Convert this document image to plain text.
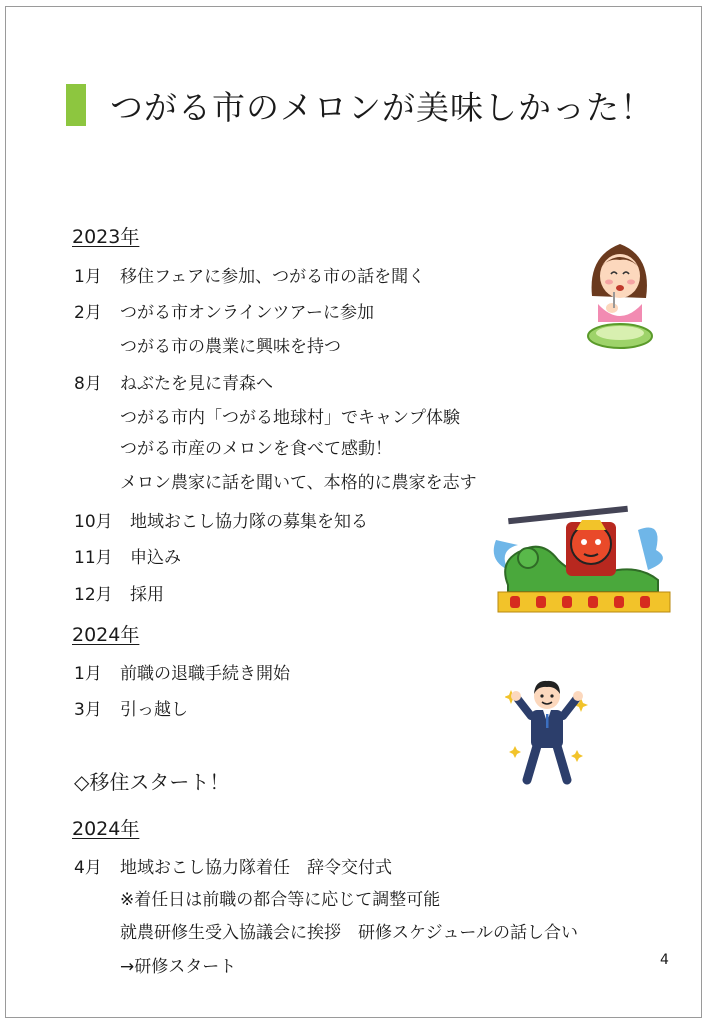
つがる市のメロンが美味しかった！
2023年
1月 移住フェアに参加、つがる市の話を聞く
2月 つがる市オンラインツアーに参加
つがる市の農業に興味を持つ
8月 ねぶたを見に青森へ
つがる市内「つがる地球村」でキャンプ体験
つがる市産のメロンを食べて感動！
メロン農家に話を聞いて、本格的に農家を志す
10月 地域おこし協力隊の募集を知る
11月 申込み
12月 採用
2024年
1月 前職の退職手続き開始
3月 引っ越し
◇移住スタート！
2024年
4月 地域おこし協力隊着任　辞令交付式
※着任日は前職の都合等に応じて調整可能
就農研修生受入協議会に挨拶　研修スケジュールの話し合い
→研修スタート	4
